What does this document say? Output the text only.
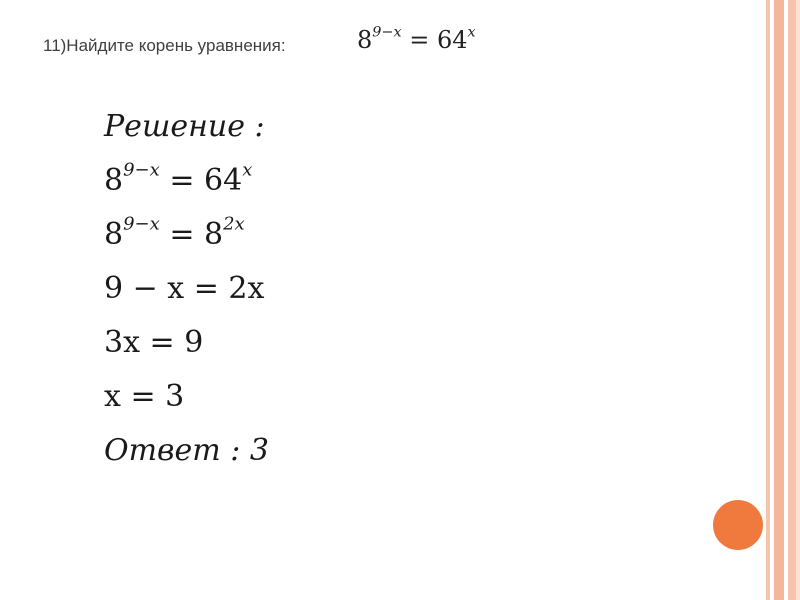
11)Найдите корень уравнения:	$8^{9-x} = 64^x$
Решение :
$8^{9-x} = 64^x$
$8^{9-x} = 8^{2x}$
9 − x = 2x
3x = 9
x = 3
Ответ : 3
